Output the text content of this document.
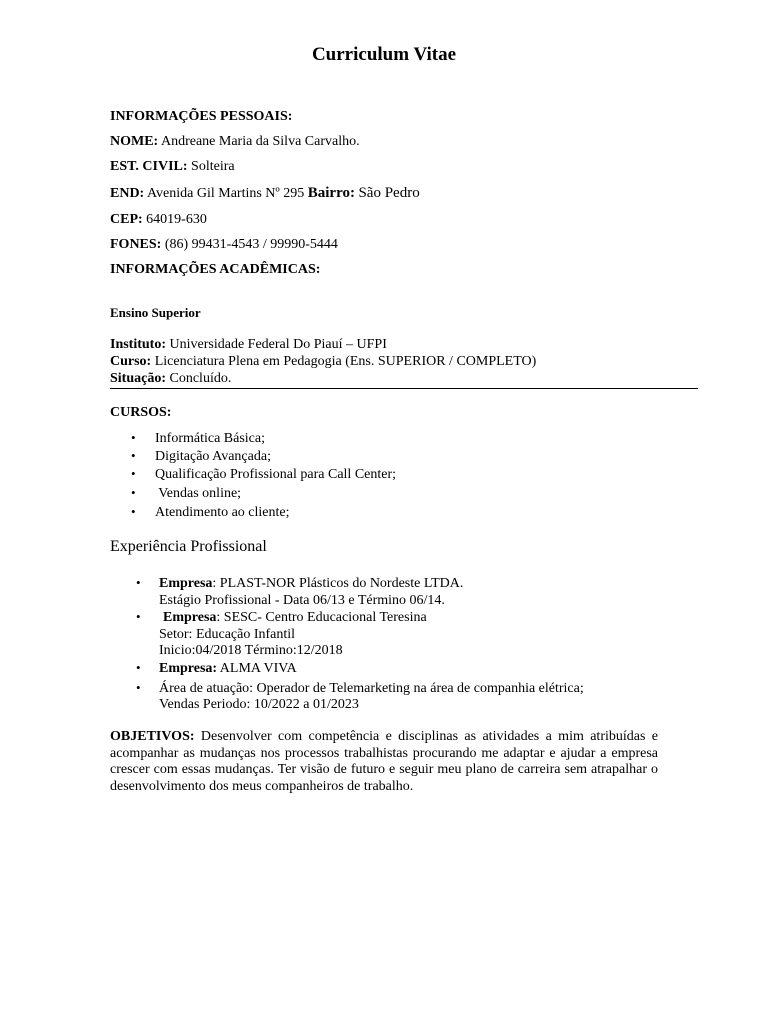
Curriculum Vitae
INFORMAÇÕES PESSOAIS:
NOME: Andreane Maria da Silva Carvalho.
EST. CIVIL: Solteira
END: Avenida Gil Martins Nº 295 Bairro: São Pedro
CEP: 64019-630
FONES: (86) 99431-4543 / 99990-5444
INFORMAÇÕES ACADÊMICAS:
Ensino Superior
Instituto: Universidade Federal Do Piauí – UFPI
Curso: Licenciatura Plena em Pedagogia (Ens. SUPERIOR / COMPLETO)
Situação: Concluído.
CURSOS:
• Informática Básica;
• Digitação Avançada;
• Qualificação Profissional para Call Center;
• Vendas online;
• Atendimento ao cliente;
Experiência Profissional
• Empresa: PLAST-NOR Plásticos do Nordeste LTDA.
Estágio Profissional - Data 06/13 e Término 06/14.
• Empresa: SESC- Centro Educacional Teresina
Setor: Educação Infantil
Inicio:04/2018 Término:12/2018
• Empresa: ALMA VIVA
• Área de atuação: Operador de Telemarketing na área de companhia elétrica;
Vendas Periodo: 10/2022 a 01/2023
OBJETIVOS: Desenvolver com competência e disciplinas as atividades a mim atribuídas e acompanhar as mudanças nos processos trabalhistas procurando me adaptar e ajudar a empresa crescer com essas mudanças. Ter visão de futuro e seguir meu plano de carreira sem atrapalhar o desenvolvimento dos meus companheiros de trabalho.
